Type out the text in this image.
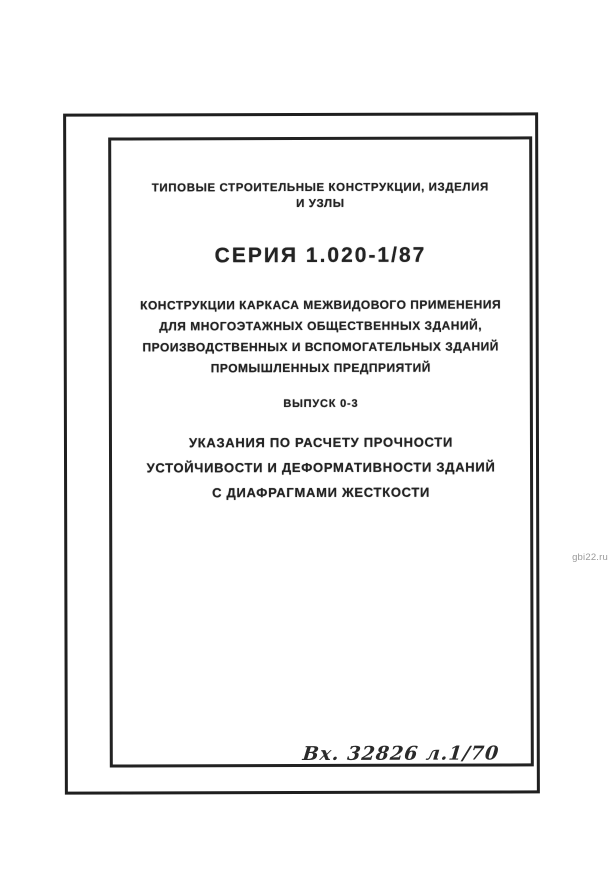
ТИПОВЫЕ СТРОИТЕЛЬНЫЕ КОНСТРУКЦИИ, ИЗДЕЛИЯ
И УЗЛЫ
СЕРИЯ 1.020-1/87
КОНСТРУКЦИИ КАРКАСА МЕЖВИДОВОГО ПРИМЕНЕНИЯ
ДЛЯ МНОГОЭТАЖНЫХ ОБЩЕСТВЕННЫХ ЗДАНИЙ,
ПРОИЗВОДСТВЕННЫХ И ВСПОМОГАТЕЛЬНЫХ ЗДАНИЙ
ПРОМЫШЛЕННЫХ ПРЕДПРИЯТИЙ
ВЫПУСК 0-3
УКАЗАНИЯ ПО РАСЧЕТУ ПРОЧНОСТИ
УСТОЙЧИВОСТИ И ДЕФОРМАТИВНОСТИ ЗДАНИЙ
С ДИАФРАГМАМИ ЖЕСТКОСТИ
Вх. 32826 л.1/70
gbi22.ru
